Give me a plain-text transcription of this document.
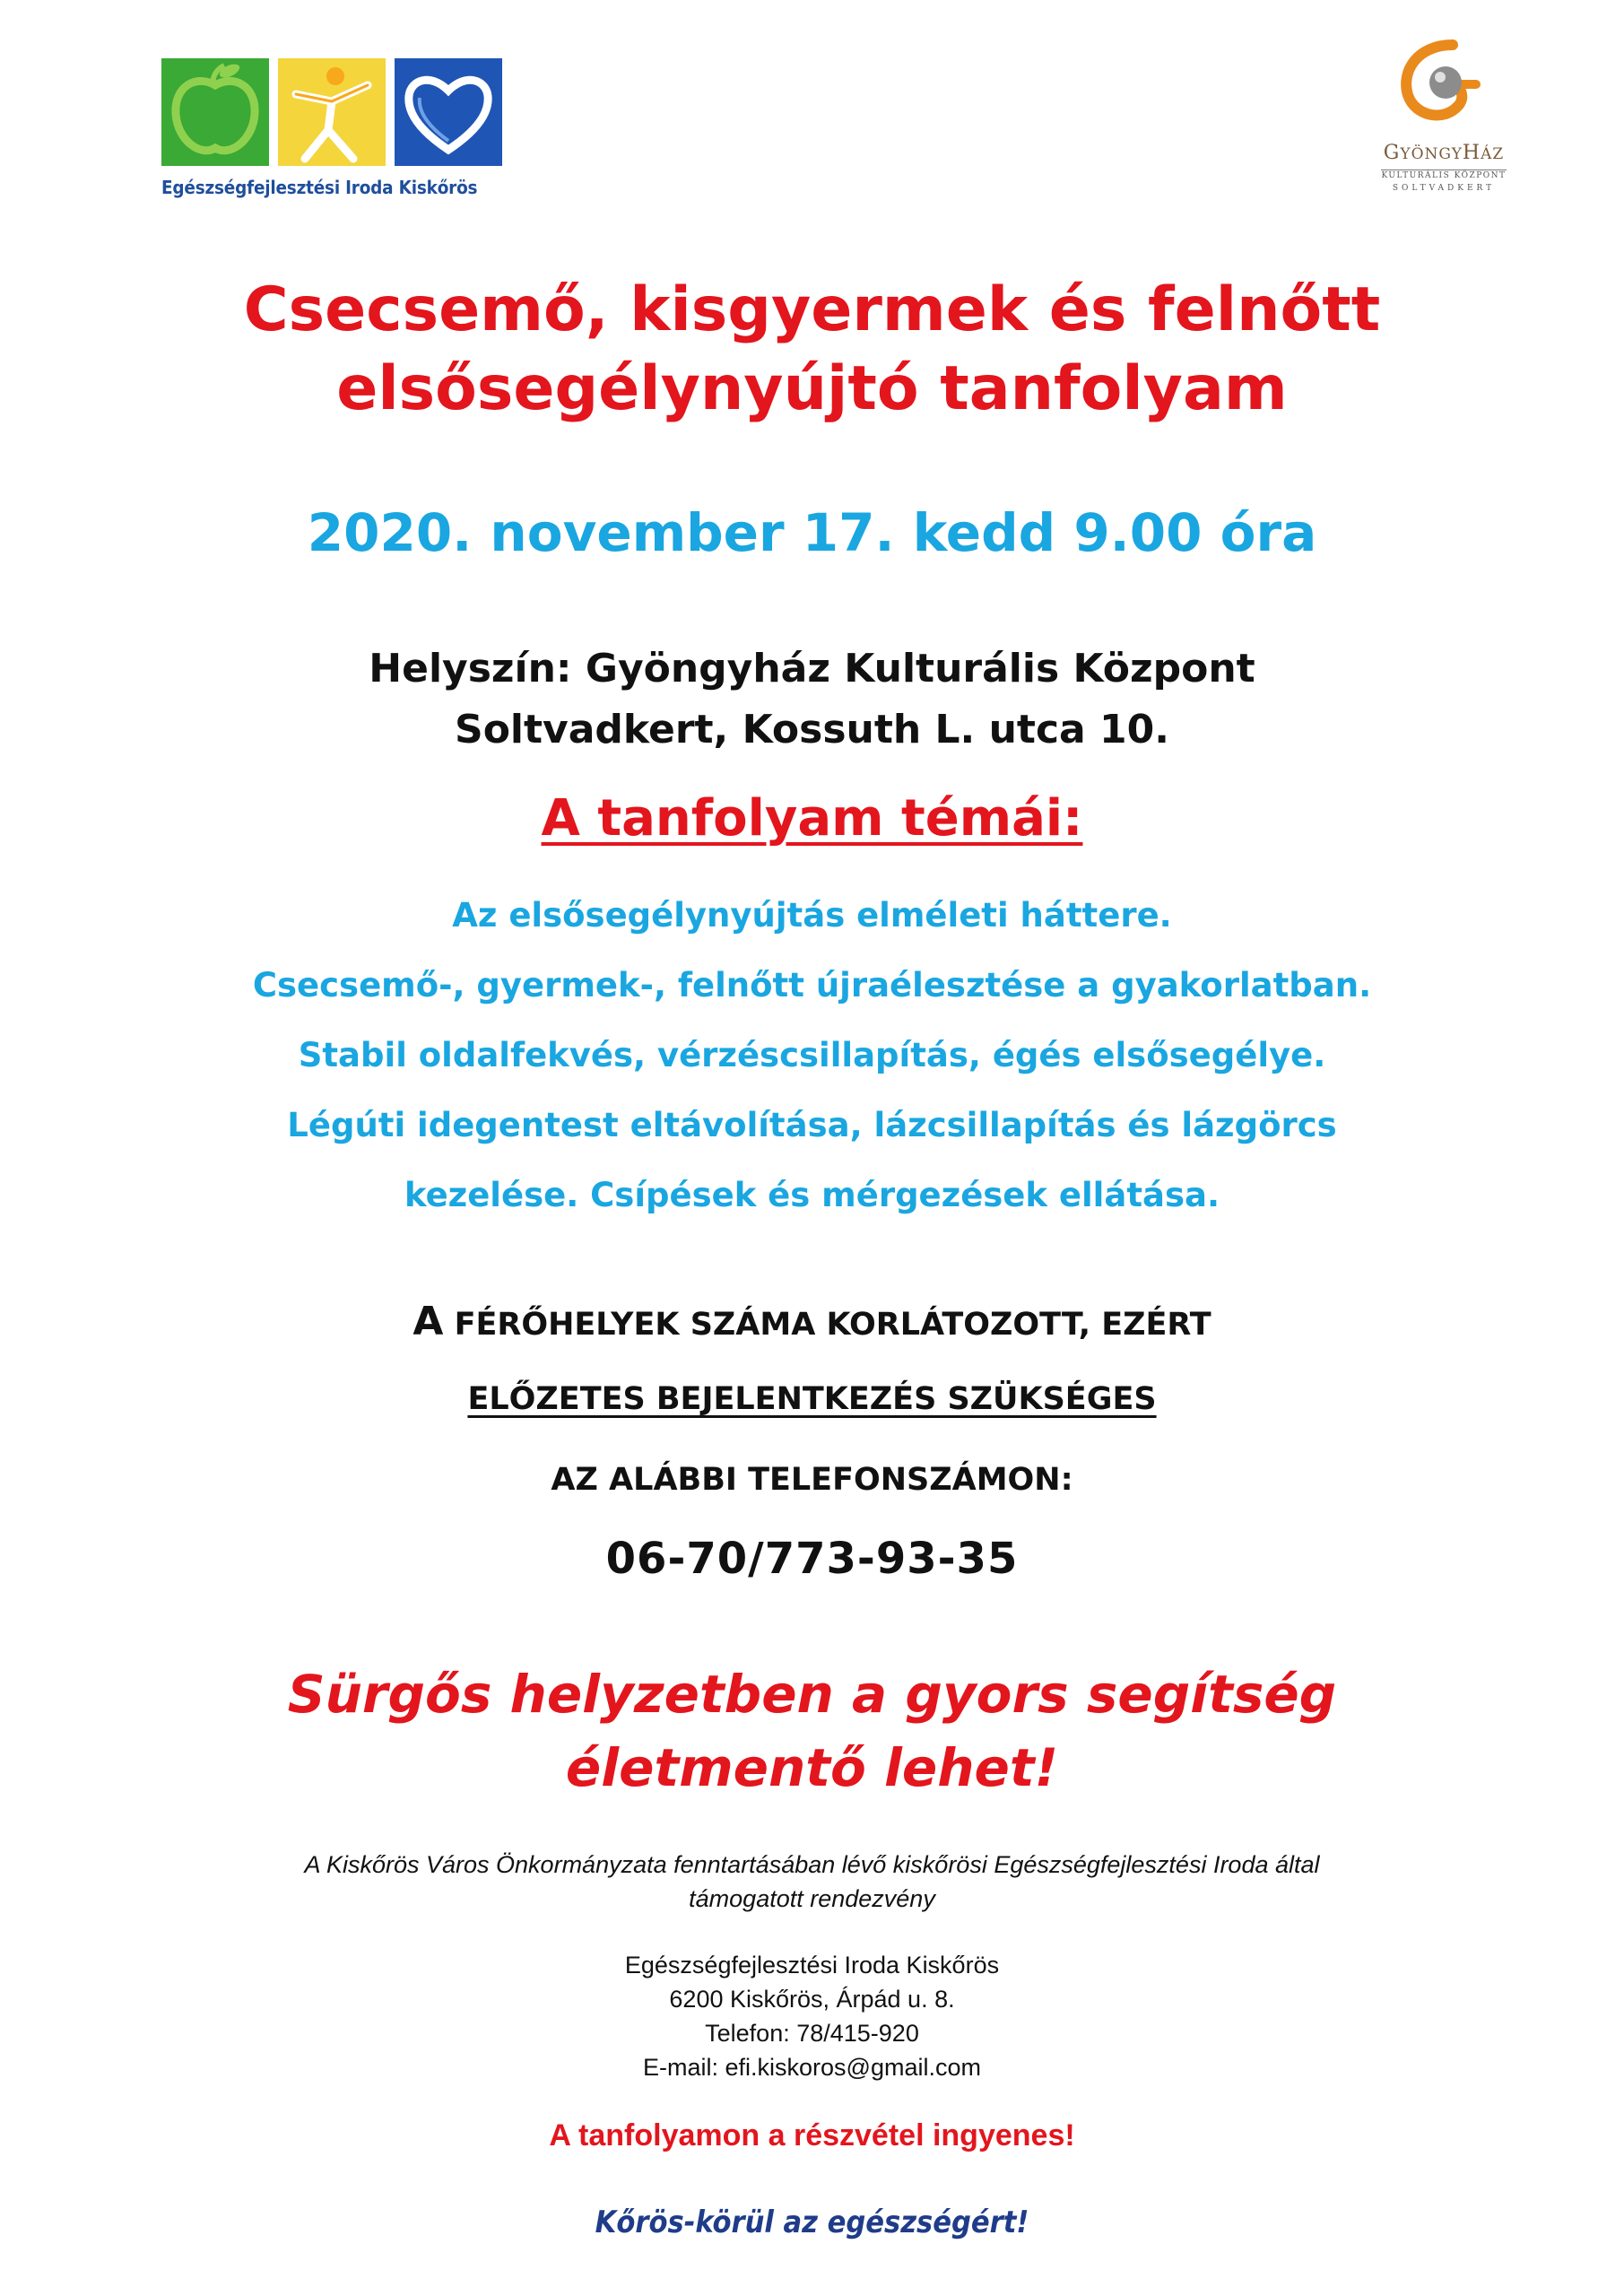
Egészségfejlesztési Iroda Kiskőrös
GYÖNGYHÁZ
KULTURÁLIS KÖZPONT
SOLTVADKERT
Csecsemő, kisgyermek és felnőtt
elsősegélynyújtó tanfolyam
2020. november 17. kedd 9.00 óra
Helyszín: Gyöngyház Kulturális Központ
Soltvadkert, Kossuth L. utca 10.
A tanfolyam témái:
Az elsősegélynyújtás elméleti háttere.
Csecsemő-, gyermek-, felnőtt újraélesztése a gyakorlatban.
Stabil oldalfekvés, vérzéscsillapítás, égés elsősegélye.
Légúti idegentest eltávolítása, lázcsillapítás és lázgörcs
kezelése. Csípések és mérgezések ellátása.
A FÉRŐHELYEK SZÁMA KORLÁTOZOTT, EZÉRT
ELŐZETES BEJELENTKEZÉS SZÜKSÉGES
AZ ALÁBBI TELEFONSZÁMON:
06-70/773-93-35
Sürgős helyzetben a gyors segítség
életmentő lehet!
A Kiskőrös Város Önkormányzata fenntartásában lévő kiskőrösi Egészségfejlesztési Iroda által
támogatott rendezvény
Egészségfejlesztési Iroda Kiskőrös
6200 Kiskőrös, Árpád u. 8.
Telefon: 78/415-920
E-mail: efi.kiskoros@gmail.com
A tanfolyamon a részvétel ingyenes!
Kőrös-körül az egészségért!
